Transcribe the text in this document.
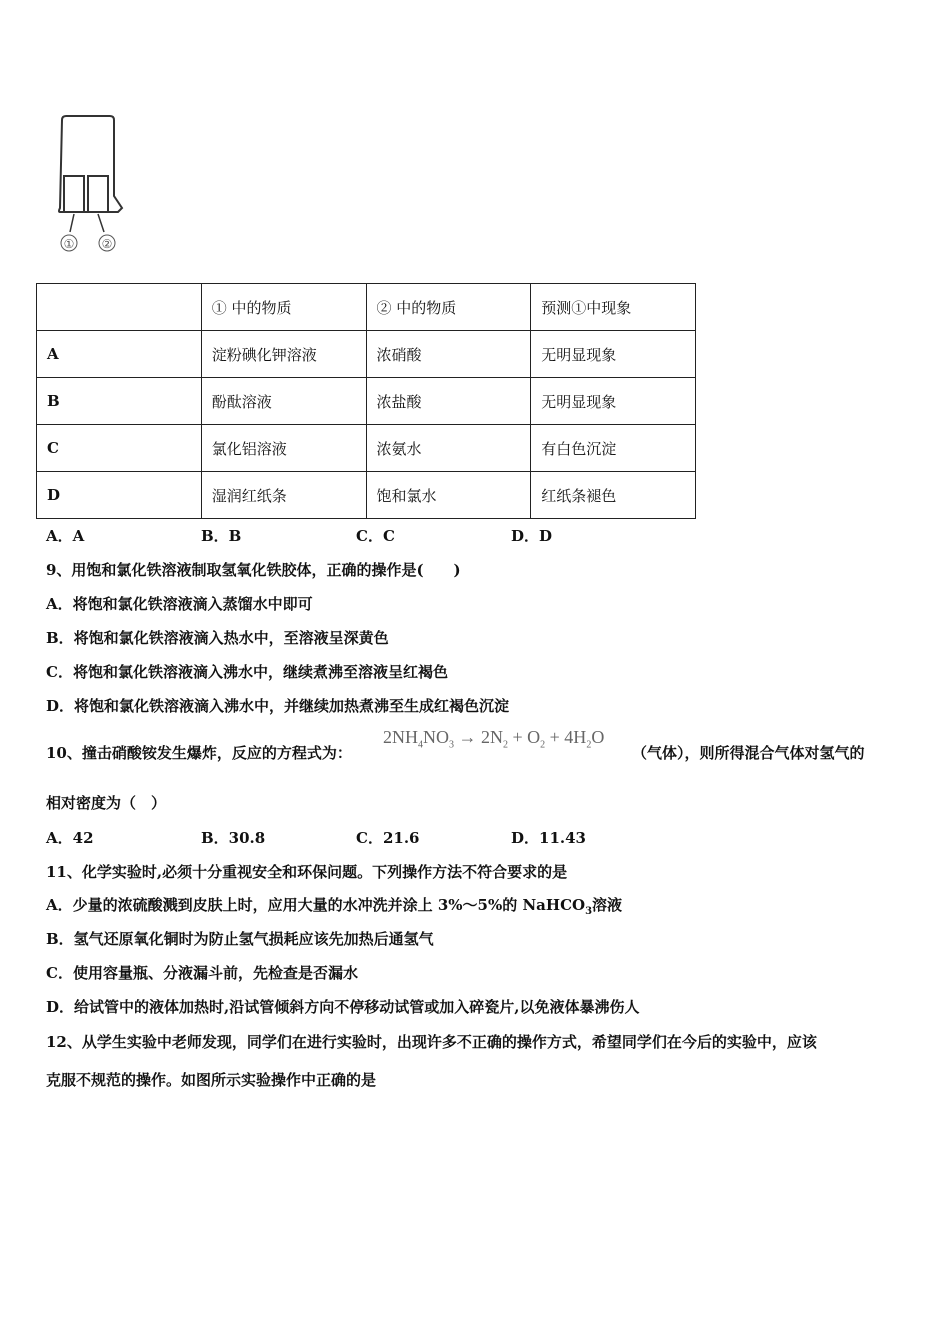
① ②
	① 中的物质	② 中的物质	预测①中现象
A	淀粉碘化钾溶液	浓硝酸	无明显现象
B	酚酞溶液	浓盐酸	无明显现象
C	氯化铝溶液	浓氨水	有白色沉淀
D	湿润红纸条	饱和氯水	红纸条褪色
A．A	B．B	C．C	D．D
9、用饱和氯化铁溶液制取氢氧化铁胶体，正确的操作是(　　)
A．将饱和氯化铁溶液滴入蒸馏水中即可
B．将饱和氯化铁溶液滴入热水中，至溶液呈深黄色
C．将饱和氯化铁溶液滴入沸水中，继续煮沸至溶液呈红褐色
D．将饱和氯化铁溶液滴入沸水中，并继续加热煮沸至生成红褐色沉淀
10、撞击硝酸铵发生爆炸，反应的方程式为：
$2NH_4NO_3 \to 2N_2 + O_2 + 4H_2O$
（气体），则所得混合气体对氢气的
相对密度为（　）
A．42	B．30.8	C．21.6	D．11.43
11、化学实验时,必须十分重视安全和环保问题。下列操作方法不符合要求的是
A．少量的浓硫酸溅到皮肤上时，应用大量的水冲洗并涂上 3%～5%的 NaHCO$_3$溶液
B．氢气还原氧化铜时为防止氢气损耗应该先加热后通氢气
C．使用容量瓶、分液漏斗前，先检查是否漏水
D．给试管中的液体加热时,沿试管倾斜方向不停移动试管或加入碎瓷片,以免液体暴沸伤人
12、从学生实验中老师发现，同学们在进行实验时，出现许多不正确的操作方式，希望同学们在今后的实验中，应该
克服不规范的操作。如图所示实验操作中正确的是
